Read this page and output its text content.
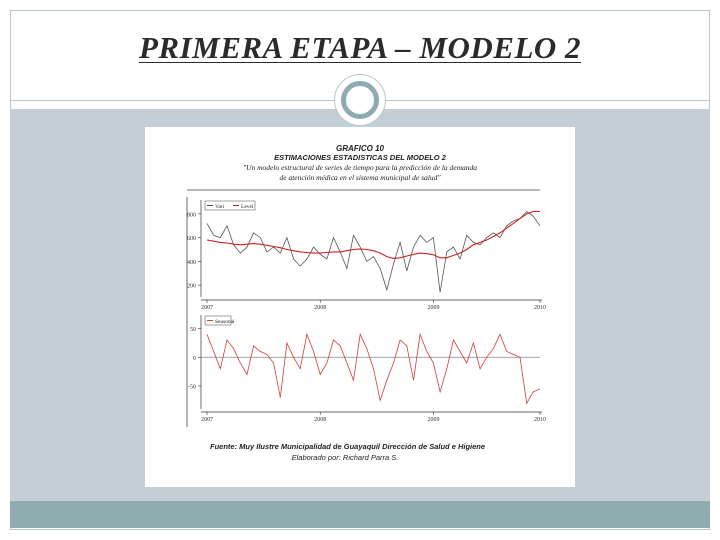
PRIMERA ETAPA – MODELO 2
GRAFICO 10
ESTIMACIONES ESTADISTICAS DEL MODELO 2
"Un modelo estructural de series de tiempo para la predicción de la demanda
de atención médica en el sistema municipal de salud"
800
600
400
200
2007	2008	2009	2010
Vari	Level
50
0
-50
2007	2008	2009	2010
Seasonal
Fuente: Muy Ilustre Municipalidad de Guayaquil Dirección de Salud e Higiene
Elaborado por: Richard Parra S.
